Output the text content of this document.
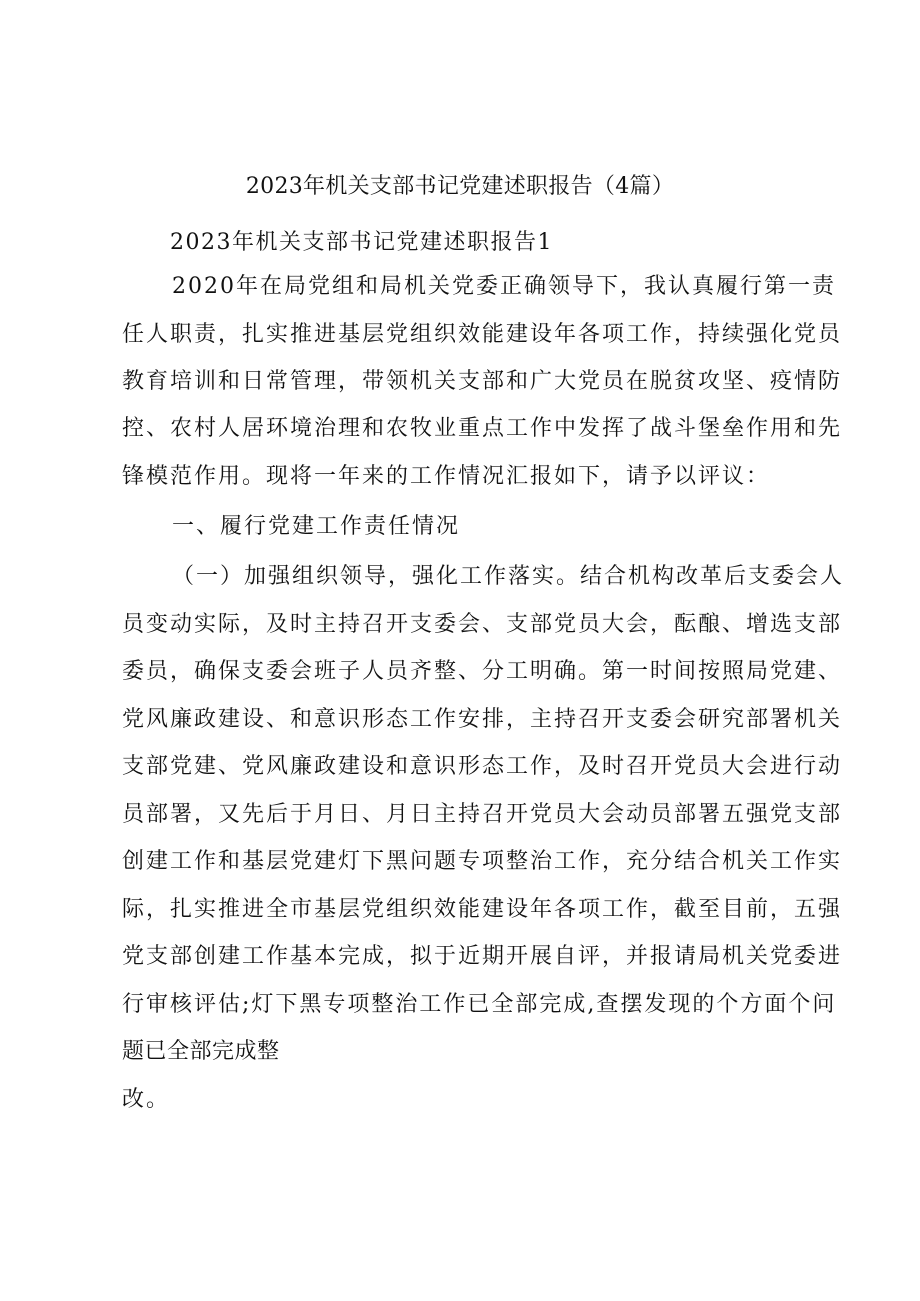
2023年机关支部书记党建述职报告（4篇）
2023年机关支部书记党建述职报告1
2020年在局党组和局机关党委正确领导下，我认真履行第一责
任人职责，扎实推进基层党组织效能建设年各项工作，持续强化党员
教育培训和日常管理，带领机关支部和广大党员在脱贫攻坚、疫情防
控、农村人居环境治理和农牧业重点工作中发挥了战斗堡垒作用和先
锋模范作用。现将一年来的工作情况汇报如下，请予以评议：
一、履行党建工作责任情况
（一）加强组织领导，强化工作落实。结合机构改革后支委会人
员变动实际，及时主持召开支委会、支部党员大会，酝酿、增选支部
委员，确保支委会班子人员齐整、分工明确。第一时间按照局党建、
党风廉政建设、和意识形态工作安排，主持召开支委会研究部署机关
支部党建、党风廉政建设和意识形态工作，及时召开党员大会进行动
员部署，又先后于月日、月日主持召开党员大会动员部署五强党支部
创建工作和基层党建灯下黑问题专项整治工作，充分结合机关工作实
际，扎实推进全市基层党组织效能建设年各项工作，截至目前，五强
党支部创建工作基本完成，拟于近期开展自评，并报请局机关党委进
行审核评估;灯下黑专项整治工作已全部完成,查摆发现的个方面个问
题已全部完成整
改。
